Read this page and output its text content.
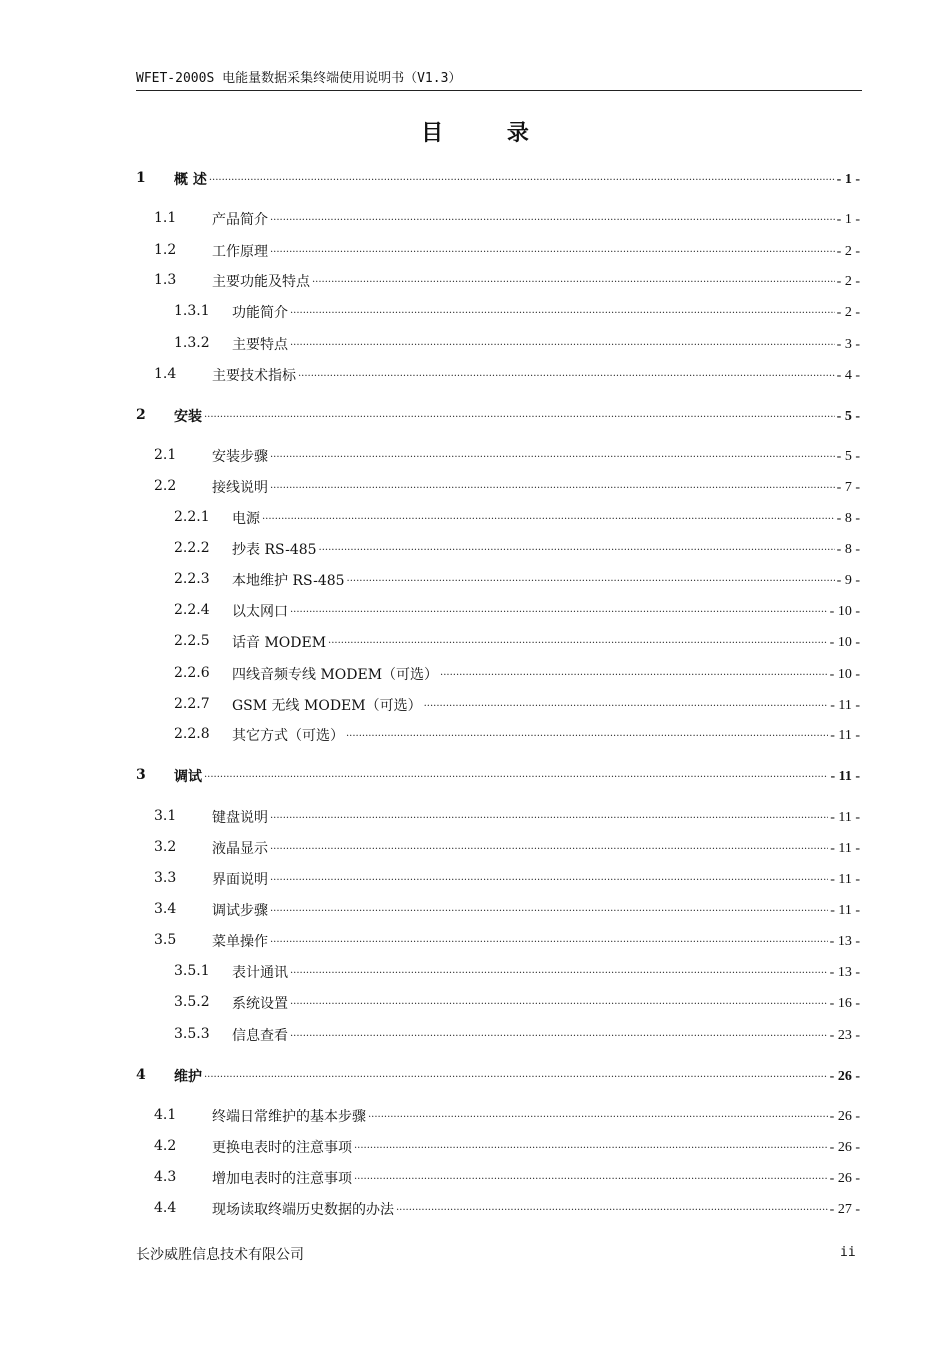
WFET-2000S 电能量数据采集终端使用说明书（V1.3）
目 录
1 概 述 .....	- 1 -
1.1	产品简介 .....	- 1 -
1.2	工作原理 .....	- 2 -
1.3	主要功能及特点 .....	- 2 -
1.3.1 功能简介 .....	- 2 -
1.3.2 主要特点 .....	- 3 -
1.4	主要技术指标 .....	- 4 -
2 安装 .....	- 5 -
2.1	安装步骤 .....	- 5 -
2.2	接线说明 .....	- 7 -
2.2.1 电源 .....	- 8 -
2.2.2 抄表 RS-485 .....	- 8 -
2.2.3 本地维护 RS-485 .....	- 9 -
2.2.4 以太网口 .....	- 10 -
2.2.5 话音 MODEM .....	- 10 -
2.2.6 四线音频专线 MODEM（可选） .....	- 10 -
2.2.7 GSM 无线 MODEM（可选） .....	- 11 -
2.2.8 其它方式（可选） .....	- 11 -
3 调试 .....	- 11 -
3.1	键盘说明 .....	- 11 -
3.2	液晶显示 .....	- 11 -
3.3	界面说明 .....	- 11 -
3.4	调试步骤 .....	- 11 -
3.5	菜单操作 .....	- 13 -
3.5.1 表计通讯 .....	- 13 -
3.5.2 系统设置 .....	- 16 -
3.5.3 信息查看 .....	- 23 -
4 维护 .....	- 26 -
4.1	终端日常维护的基本步骤 .....	- 26 -
4.2	更换电表时的注意事项 .....	- 26 -
4.3	增加电表时的注意事项 .....	- 26 -
4.4	现场读取终端历史数据的办法 .....	- 27 -
长沙威胜信息技术有限公司	ii
